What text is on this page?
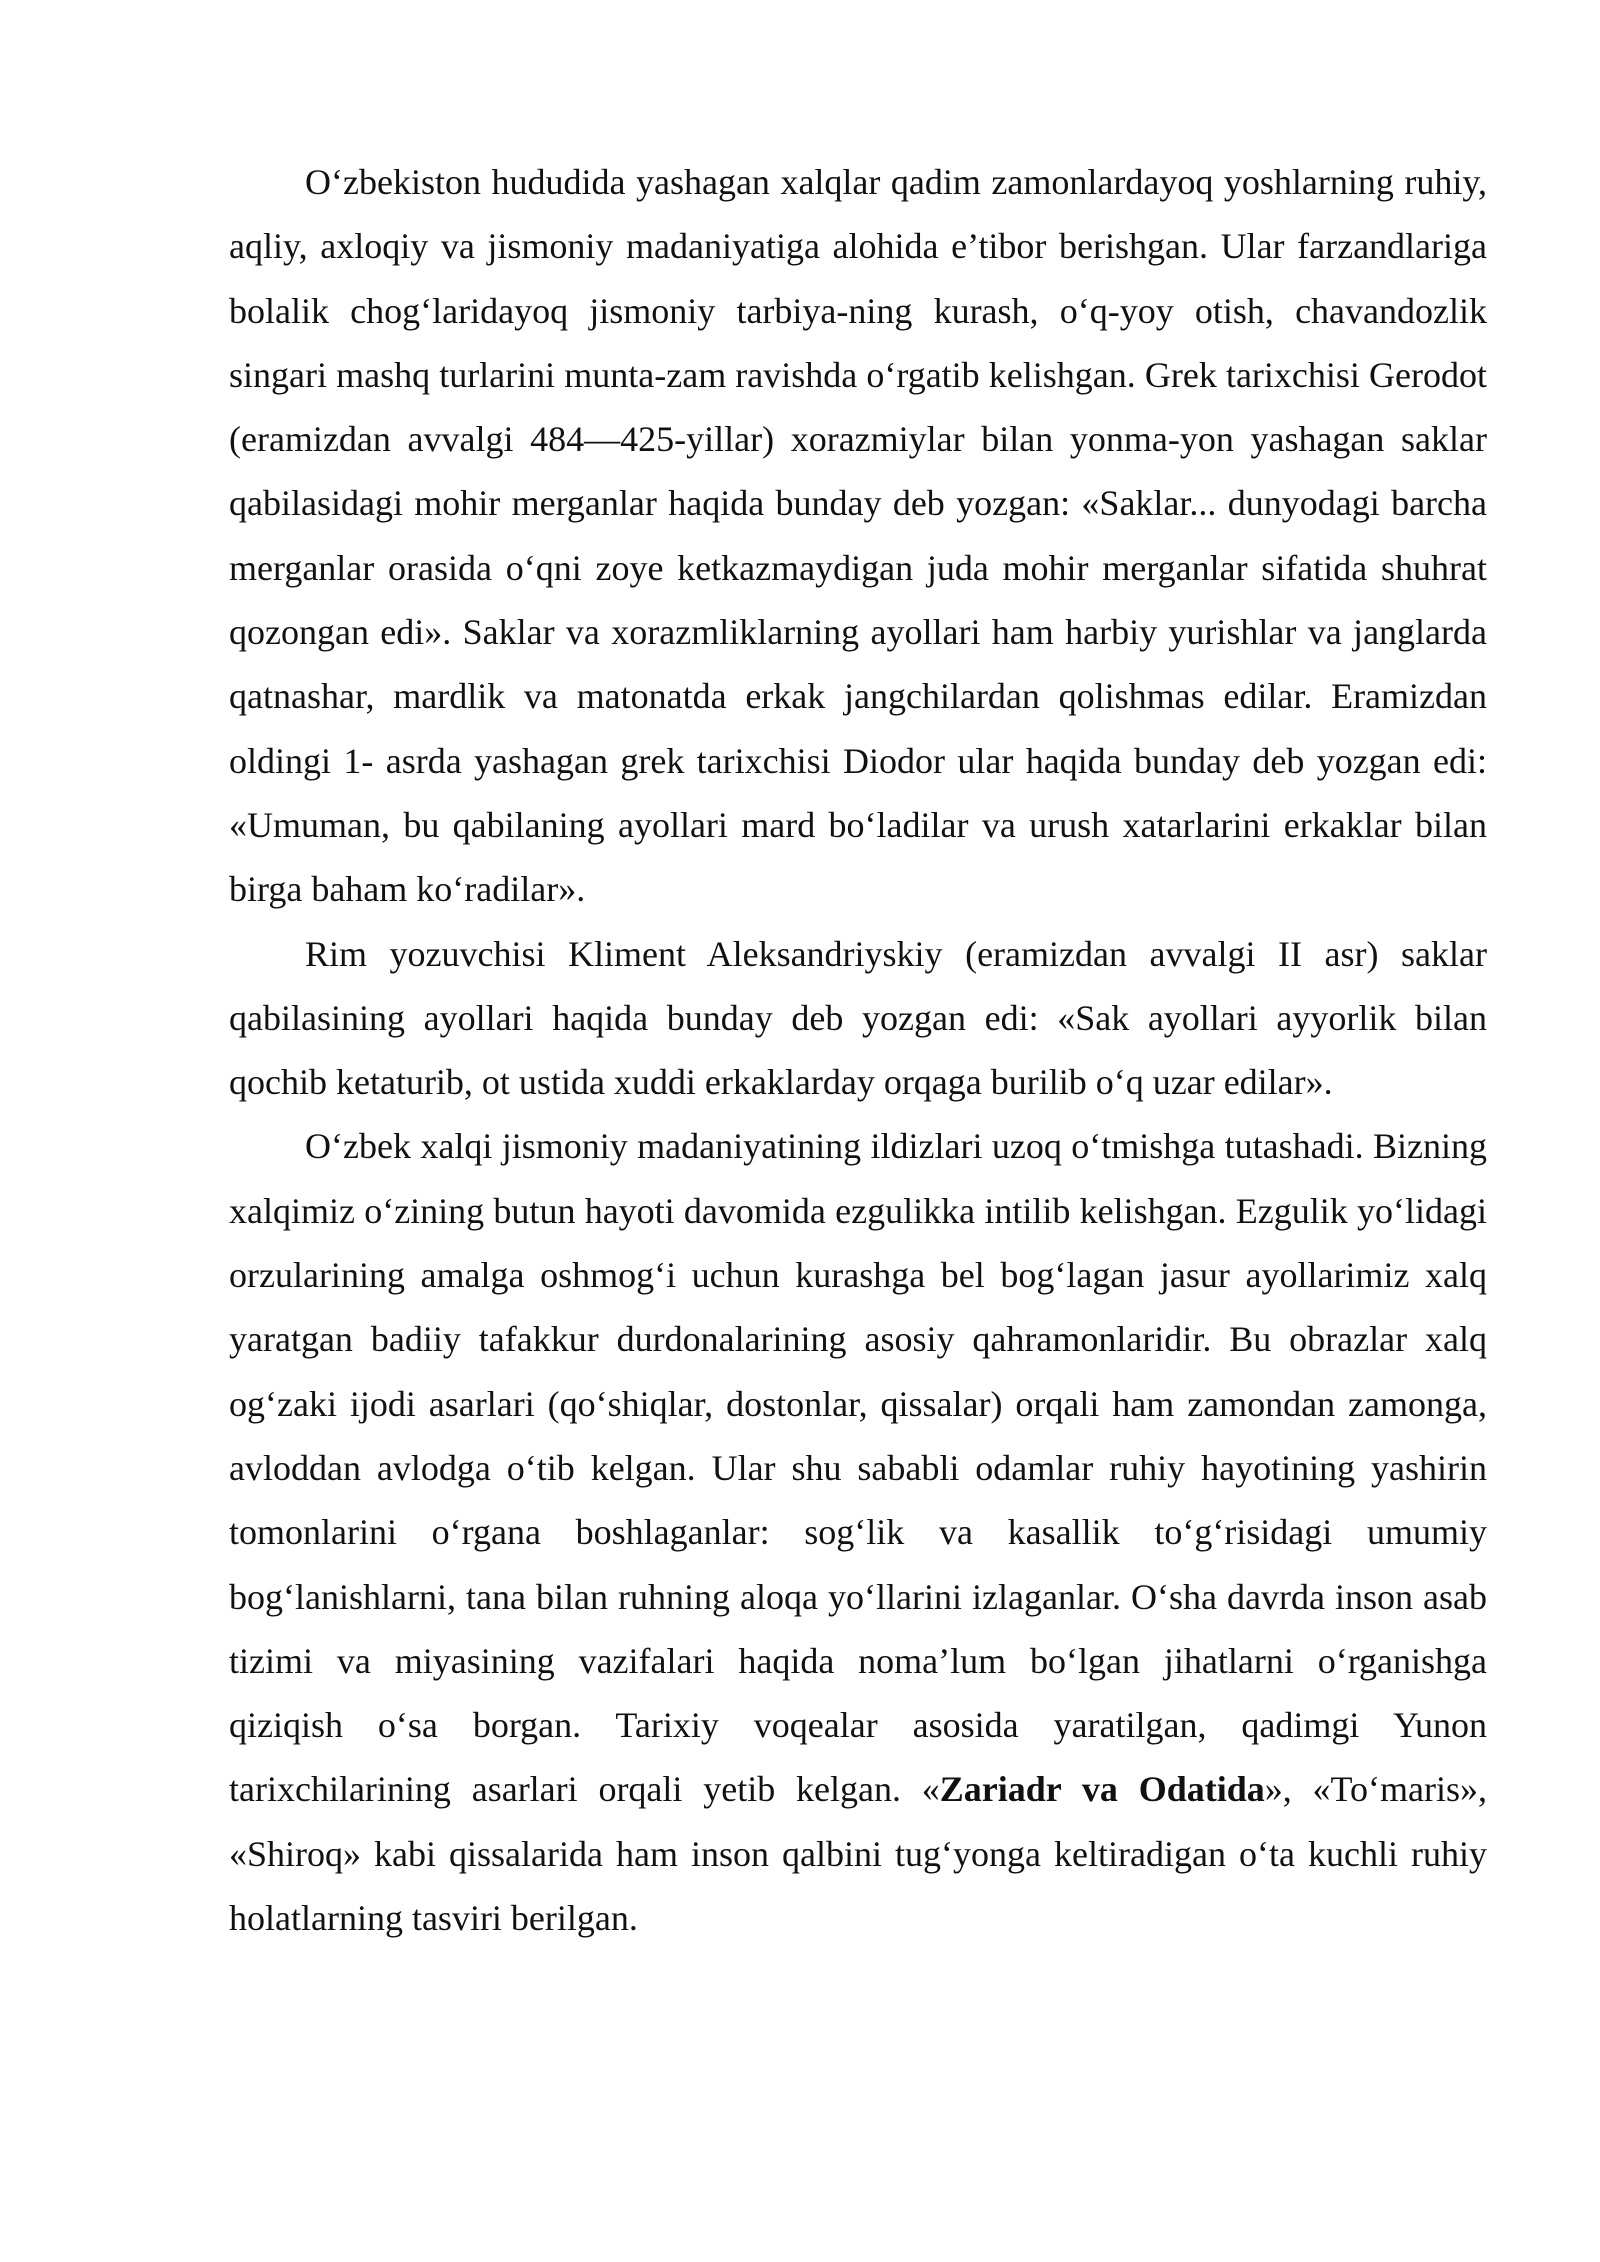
O‘zbekiston hududida yashagan xalqlar qadim zamonlardayoq yoshlarning ruhiy, aqliy, axloqiy va jismoniy madaniyatiga alohida e’tibor berishgan. Ular farzandlariga bolalik chog‘laridayoq jismoniy tarbiya-ning kurash, o‘q-yoy otish, chavandozlik singari mashq turlarini munta-zam ravishda o‘rgatib kelishgan. Grek tarixchisi Gerodot (eramizdan avvalgi 484—425-yillar) xorazmiylar bilan yonma-yon yashagan saklar qabilasidagi mohir merganlar haqida bunday deb yozgan: «Saklar... dunyodagi barcha merganlar orasida o‘qni zoye ketkazmaydigan juda mohir merganlar sifatida shuhrat qozongan edi». Saklar va xorazmliklarning ayollari ham harbiy yurishlar va janglarda qatnashar, mardlik va matonatda erkak jangchilardan qolishmas edilar. Eramizdan oldingi 1- asrda yashagan grek tarixchisi Diodor ular haqida bunday deb yozgan edi: «Umuman, bu qabilaning ayollari mard bo‘ladilar va urush xatarlarini erkaklar bilan birga baham ko‘radilar».

Rim yozuvchisi Kliment Aleksandriyskiy (eramizdan avvalgi II asr) saklar qabilasining ayollari haqida bunday deb yozgan edi: «Sak ayollari ayyorlik bilan qochib ketaturib, ot ustida xuddi erkaklarday orqaga burilib o‘q uzar edilar».

O‘zbek xalqi jismoniy madaniyatining ildizlari uzoq o‘tmishga tutashadi. Bizning xalqimiz o‘zining butun hayoti davomida ezgulikka intilib kelishgan. Ezgulik yo‘lidagi orzularining amalga oshmog‘i uchun kurashga bel bog‘lagan jasur ayollarimiz xalq yaratgan badiiy tafakkur durdonalarining asosiy qahramonlaridir. Bu obrazlar xalq og‘zaki ijodi asarlari (qo‘shiqlar, dostonlar, qissalar) orqali ham zamondan zamonga, avloddan avlodga o‘tib kelgan. Ular shu sababli odamlar ruhiy hayotining yashirin tomonlarini o‘rgana boshlaganlar: sog‘lik va kasallik to‘g‘risidagi umumiy bog‘lanishlarni, tana bilan ruhning aloqa yo‘llarini izlaganlar. O‘sha davrda inson asab tizimi va miyasining vazifalari haqida noma’lum bo‘lgan jihatlarni o‘rganishga qiziqish o‘sa borgan. Tarixiy voqealar asosida yaratilgan, qadimgi Yunon tarixchilarining asarlari orqali yetib kelgan. «Zariadr va Odatida», «To‘maris», «Shiroq» kabi qissalarida ham inson qalbini tug‘yonga keltiradigan o‘ta kuchli ruhiy holatlarning tasviri berilgan.
